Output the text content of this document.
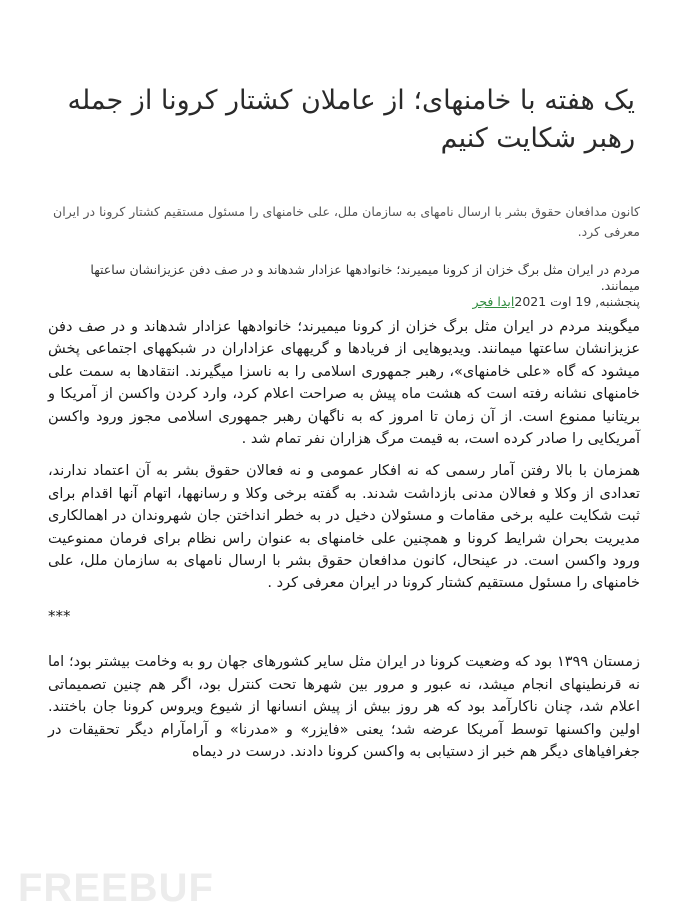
یک هفته با خامنهای؛ از عاملان کشتار کرونا از جمله رهبر شکایت کنیم

کانون مدافعان حقوق بشر با ارسال نامهای به سازمان ملل، علی خامنهای را مسئول مستقیم کشتار کرونا در ایران معرفی کرد.

مردم در ایران مثل برگ خزان از کرونا میمیرند؛ خانوادهها عزادار شدهاند و در صف دفن عزیزانشان ساعتها میمانند.
پنجشنبه, 19 اوت 2021ایدا فجر

میگویند مردم در ایران مثل برگ خزان از کرونا میمیرند؛ خانوادهها عزادار شدهاند و در صف دفن عزیزانشان ساعتها میمانند. ویدیوهایی از فریادها و گریههای عزاداران در شبکههای اجتماعی پخش میشود که گاه «علی خامنهای»، رهبر جمهوری اسلامی را به ناسزا میگیرند. انتقادها به سمت علی خامنهای نشانه رفته است که هشت ماه پیش به صراحت اعلام کرد، وارد کردن واکسن از آمریکا و بریتانیا ممنوع است. از آن زمان تا امروز که به ناگهان رهبر جمهوری اسلامی مجوز ورود واکسن آمریکایی را صادر کرده است، به قیمت مرگ هزاران نفر تمام شد .

همزمان با بالا رفتن آمار رسمی که نه افکار عمومی و نه فعالان حقوق بشر به آن اعتماد ندارند، تعدادی از وکلا و فعالان مدنی بازداشت شدند. به گفته برخی وکلا و رسانهها، اتهام آنها اقدام برای ثبت شکایت علیه برخی مقامات و مسئولان دخیل در به خطر انداختن جان شهروندان در اهمالکاری مدیریت بحران شرایط کرونا و همچنین علی خامنهای به عنوان راس نظام برای فرمان ممنوعیت ورود واکسن است. در عینحال، کانون مدافعان حقوق بشر با ارسال نامهای به سازمان ملل، علی خامنهای را مسئول مستقیم کشتار کرونا در ایران معرفی کرد .

***

زمستان ۱۳۹۹ بود که وضعیت کرونا در ایران مثل سایر کشورهای جهان رو به وخامت بیشتر بود؛ اما نه قرنطینهای انجام میشد، نه عبور و مرور بین شهرها تحت کنترل بود، اگر هم چنین تصمیماتی اعلام شد، چنان ناکارآمد بود که هر روز بیش از پیش انسانها از شیوع ویروس کرونا جان باختند. اولین واکسنها توسط آمریکا عرضه شد؛ یعنی «فایزر» و «مدرنا» و آرامآرام دیگر تحقیقات در جغرافیاهای دیگر هم خبر از دستیابی به واکسن کرونا دادند. درست در دیماه

FREEBUF
